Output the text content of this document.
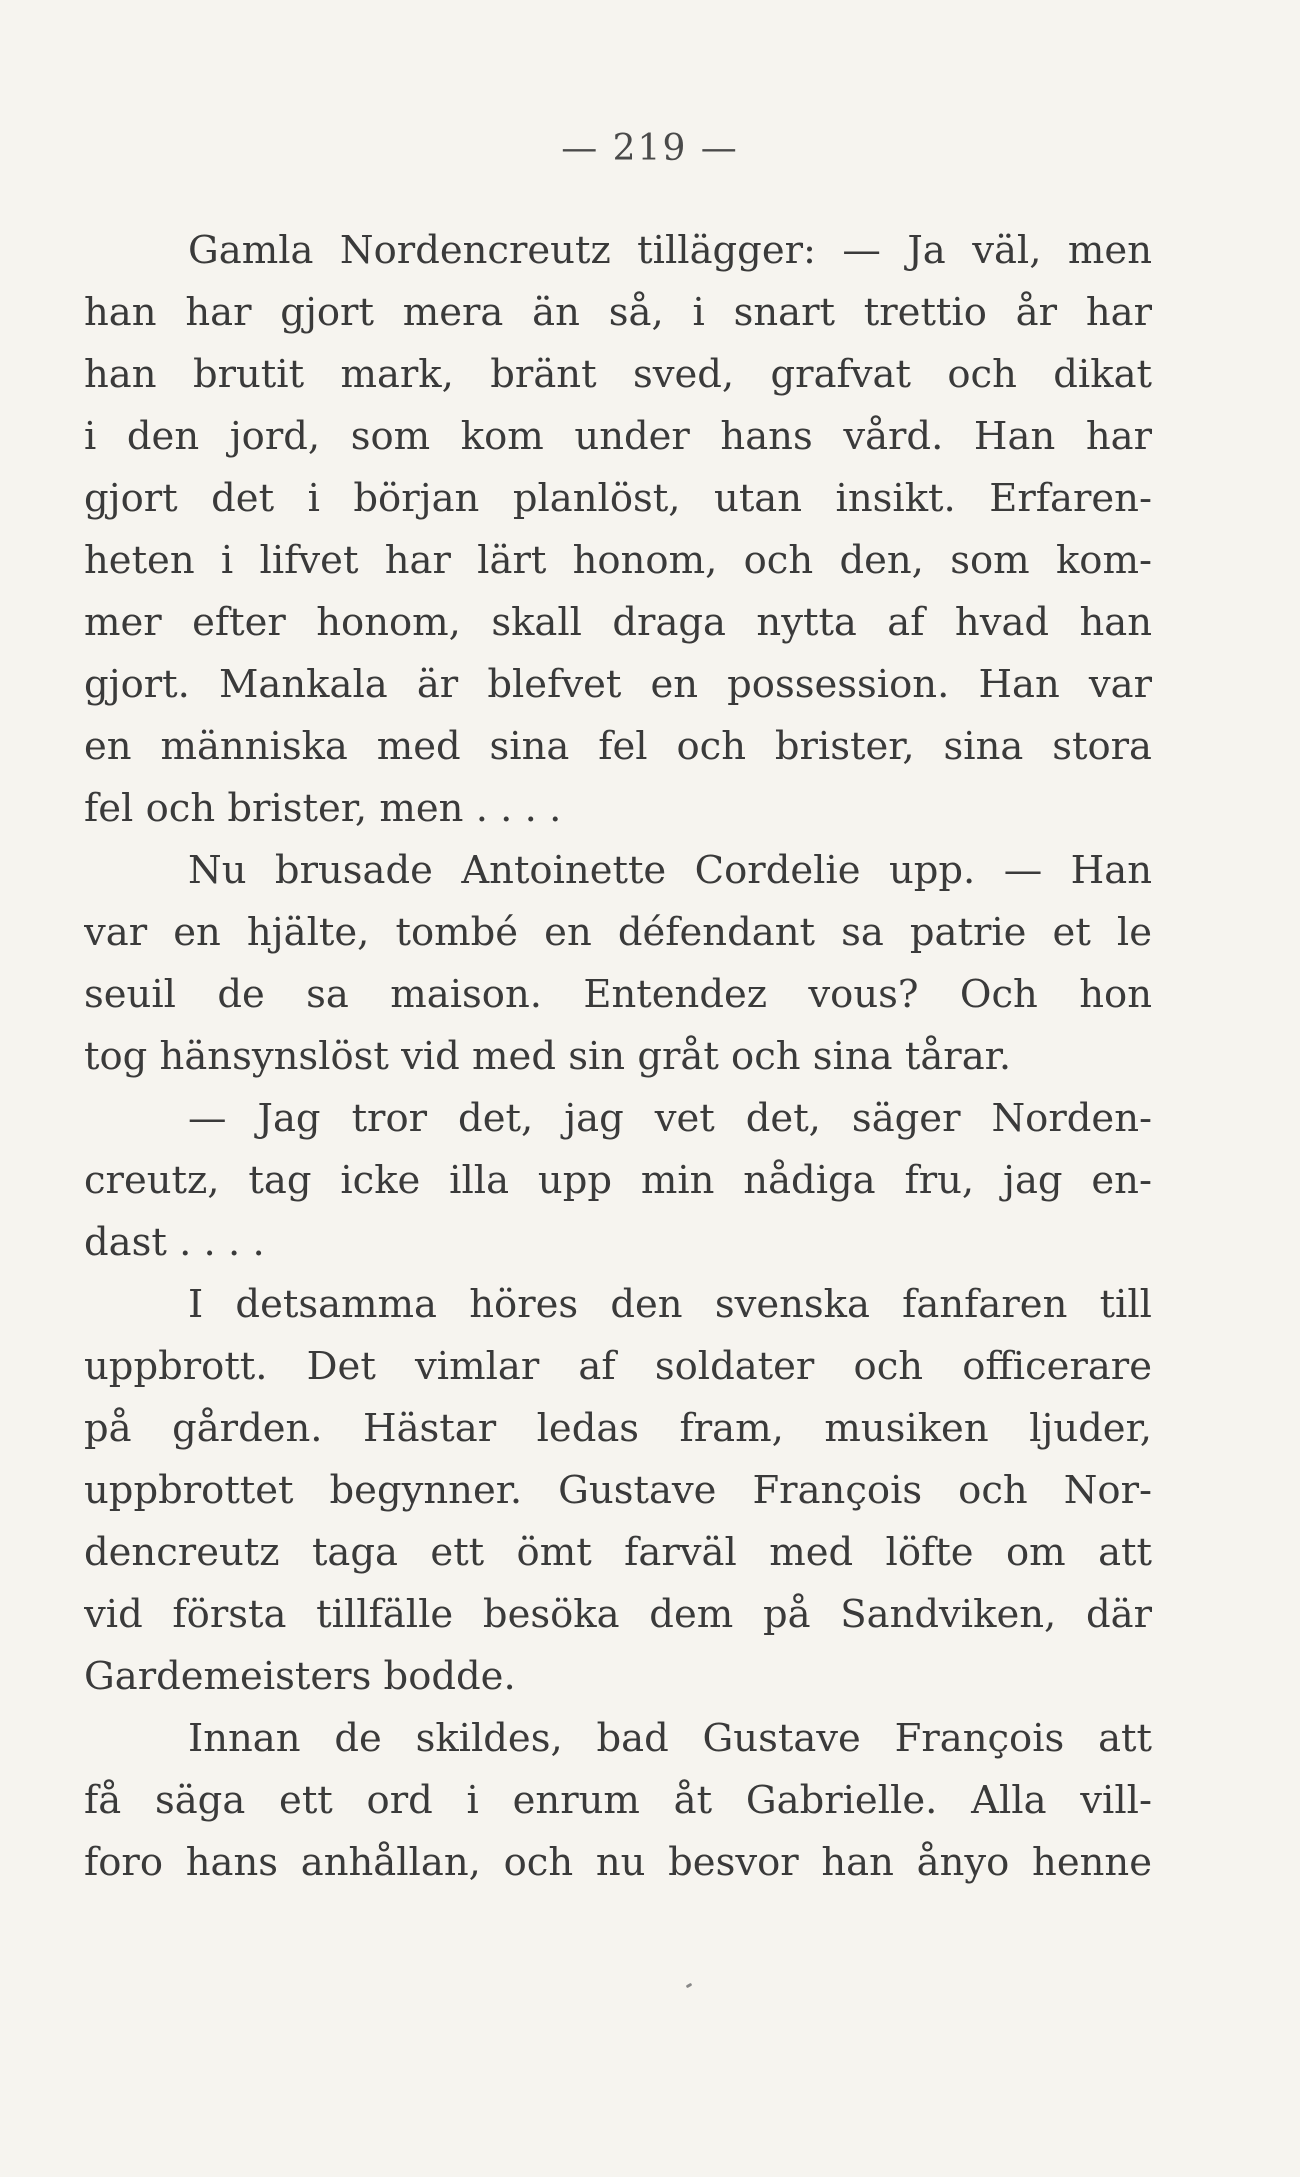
— 219 —
Gamla Nordencreutz tillägger: — Ja väl, men
han har gjort mera än så, i snart trettio år har
han brutit mark, bränt sved, grafvat och dikat
i den jord, som kom under hans vård. Han har
gjort det i början planlöst, utan insikt. Erfaren-
heten i lifvet har lärt honom, och den, som kom-
mer efter honom, skall draga nytta af hvad han
gjort. Mankala är blefvet en possession. Han var
en människa med sina fel och brister, sina stora
fel och brister, men . . . .
Nu brusade Antoinette Cordelie upp. — Han
var en hjälte, tombé en défendant sa patrie et le
seuil de sa maison. Entendez vous? Och hon
tog hänsynslöst vid med sin gråt och sina tårar.
— Jag tror det, jag vet det, säger Norden-
creutz, tag icke illa upp min nådiga fru, jag en-
dast . . . .
I detsamma höres den svenska fanfaren till
uppbrott. Det vimlar af soldater och officerare
på gården. Hästar ledas fram, musiken ljuder,
uppbrottet begynner. Gustave François och Nor-
dencreutz taga ett ömt farväl med löfte om att
vid första tillfälle besöka dem på Sandviken, där
Gardemeisters bodde.
Innan de skildes, bad Gustave François att
få säga ett ord i enrum åt Gabrielle. Alla vill-
foro hans anhållan, och nu besvor han ånyo henne
